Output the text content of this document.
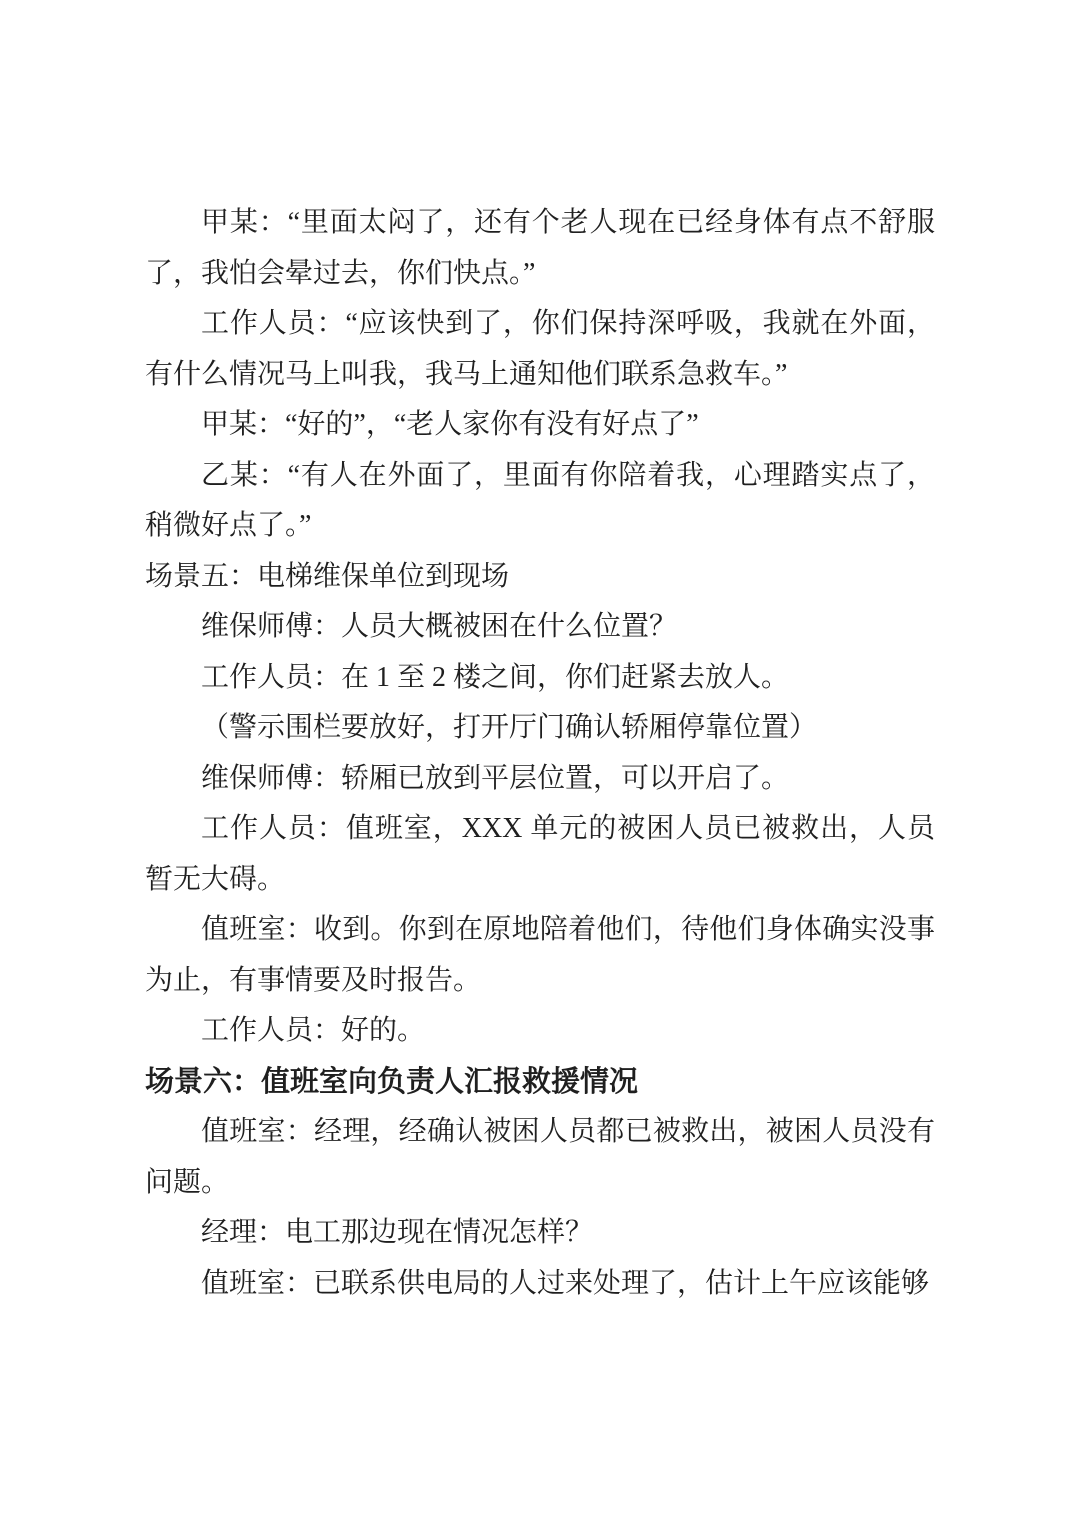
甲某：“里面太闷了，还有个老人现在已经身体有点不舒服了，我怕会晕过去，你们快点。”

工作人员：“应该快到了，你们保持深呼吸，我就在外面，有什么情况马上叫我，我马上通知他们联系急救车。”

甲某：“好的”，“老人家你有没有好点了”

乙某：“有人在外面了，里面有你陪着我，心理踏实点了，稍微好点了。”

场景五：电梯维保单位到现场

维保师傅：人员大概被困在什么位置？

工作人员：在 1 至 2 楼之间，你们赶紧去放人。

（警示围栏要放好，打开厅门确认轿厢停靠位置）

维保师傅：轿厢已放到平层位置，可以开启了。

工作人员：值班室，XXX 单元的被困人员已被救出，人员暂无大碍。

值班室：收到。你到在原地陪着他们，待他们身体确实没事为止，有事情要及时报告。

工作人员：好的。

场景六：值班室向负责人汇报救援情况

值班室：经理，经确认被困人员都已被救出，被困人员没有问题。

经理：电工那边现在情况怎样？

值班室：已联系供电局的人过来处理了，估计上午应该能够
